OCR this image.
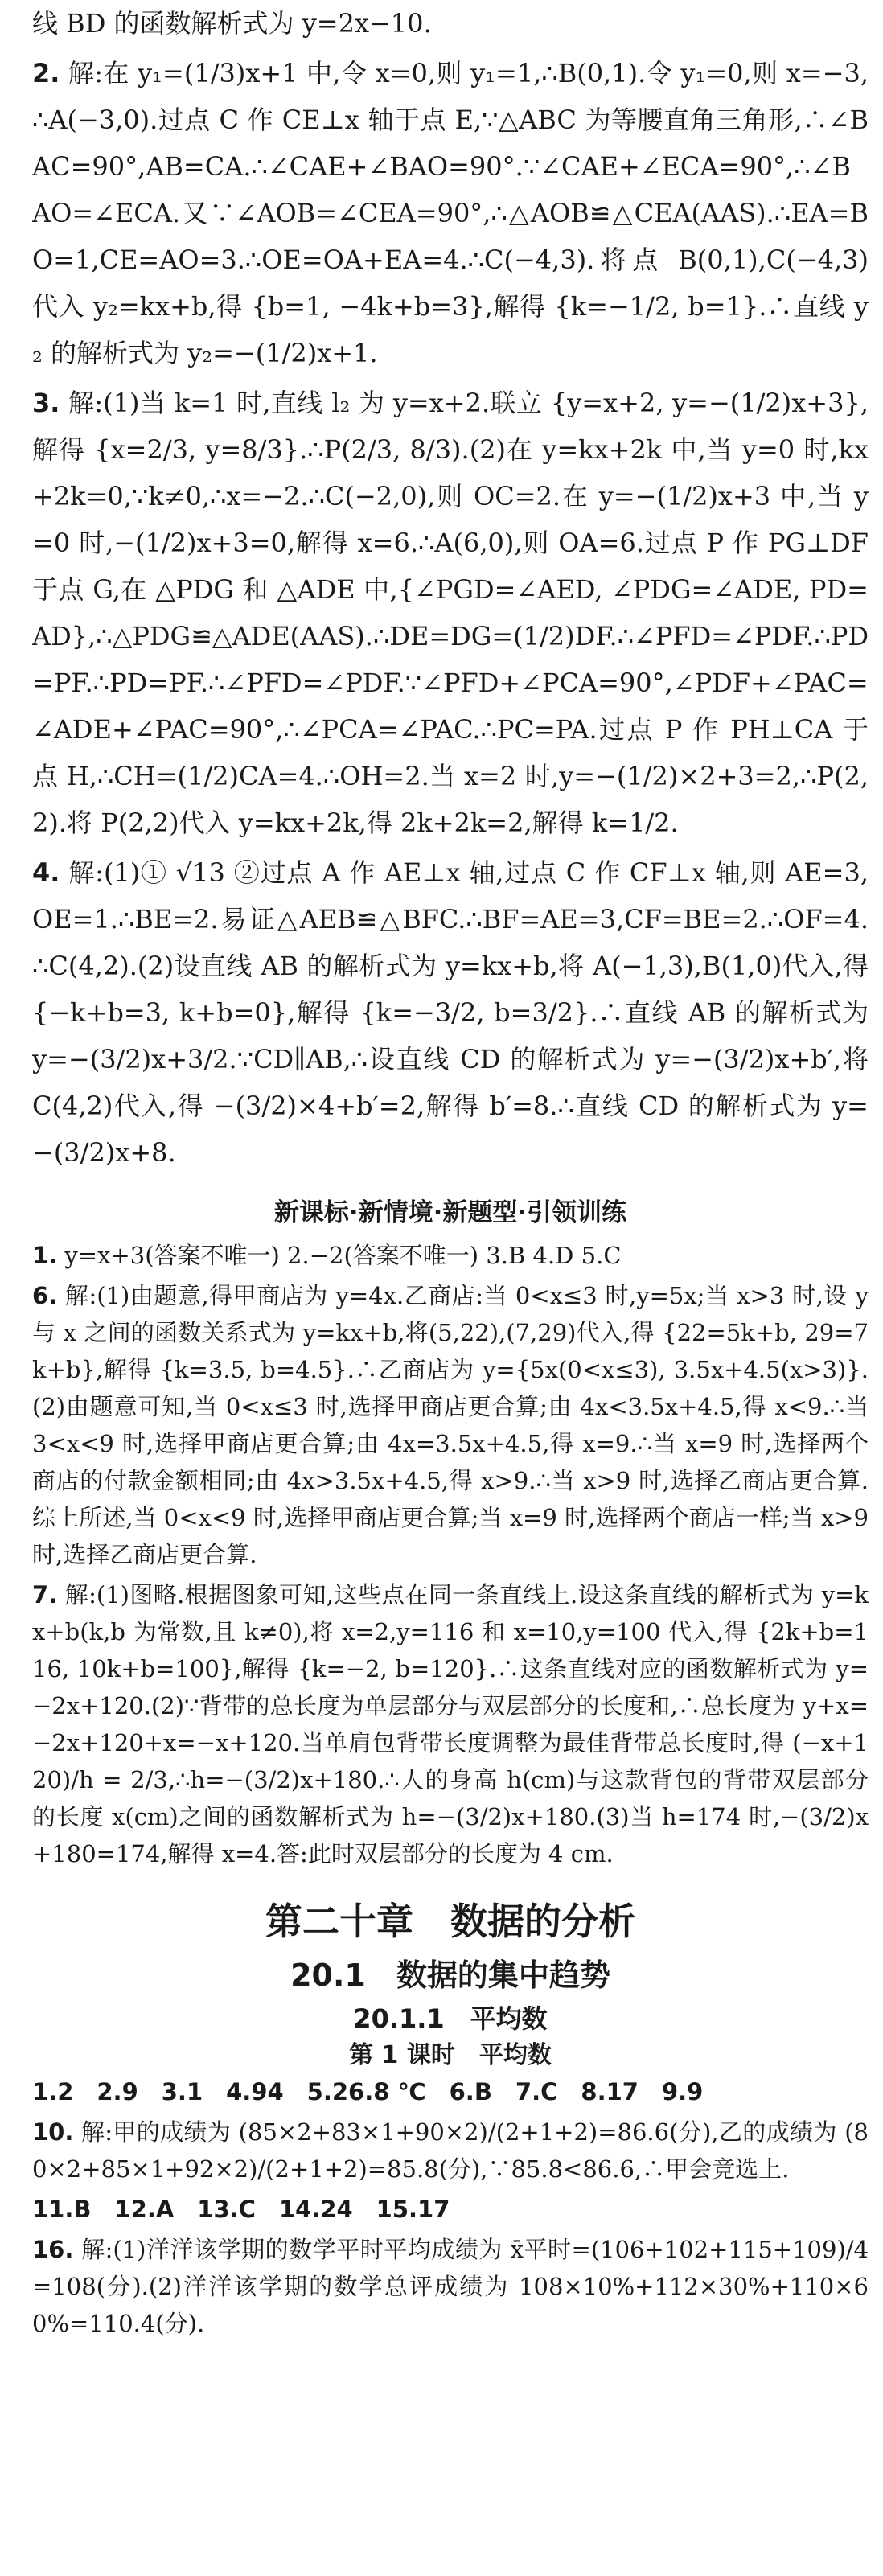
线 BD 的函数解析式为 y=2x−10.

2. 解:在 y₁=(1/3)x+1 中,令 x=0,则 y₁=1,∴B(0,1).令 y₁=0,则 x=−3,∴A(−3,0).过点 C 作 CE⊥x 轴于点 E,∵△ABC 为等腰直角三角形,∴∠BAC=90°,AB=CA.∴∠CAE+∠BAO=90°.∵∠CAE+∠ECA=90°,∴∠BAO=∠ECA.又∵∠AOB=∠CEA=90°,∴△AOB≌△CEA(AAS).∴EA=BO=1,CE=AO=3.∴OE=OA+EA=4.∴C(−4,3).将点 B(0,1),C(−4,3)代入 y₂=kx+b,得 {b=1, −4k+b=3},解得 {k=−1/2, b=1}.∴直线 y₂ 的解析式为 y₂=−(1/2)x+1.

3. 解:(1)当 k=1 时,直线 l₂ 为 y=x+2.联立 {y=x+2, y=−(1/2)x+3},解得 {x=2/3, y=8/3}.∴P(2/3, 8/3).(2)在 y=kx+2k 中,当 y=0 时,kx+2k=0,∵k≠0,∴x=−2.∴C(−2,0),则 OC=2.在 y=−(1/2)x+3 中,当 y=0 时,−(1/2)x+3=0,解得 x=6.∴A(6,0),则 OA=6.过点 P 作 PG⊥DF 于点 G,在 △PDG 和 △ADE 中,{∠PGD=∠AED, ∠PDG=∠ADE, PD=AD},∴△PDG≌△ADE(AAS).∴DE=DG=(1/2)DF.∴∠PFD=∠PDF.∴PD=PF.∴PD=PF.∴∠PFD=∠PDF.∵∠PFD+∠PCA=90°,∠PDF+∠PAC=∠ADE+∠PAC=90°,∴∠PCA=∠PAC.∴PC=PA.过点 P 作 PH⊥CA 于点 H,∴CH=(1/2)CA=4.∴OH=2.当 x=2 时,y=−(1/2)×2+3=2,∴P(2,2).将 P(2,2)代入 y=kx+2k,得 2k+2k=2,解得 k=1/2.

4. 解:(1)① √13 ②过点 A 作 AE⊥x 轴,过点 C 作 CF⊥x 轴,则 AE=3,OE=1.∴BE=2.易证△AEB≌△BFC.∴BF=AE=3,CF=BE=2.∴OF=4.∴C(4,2).(2)设直线 AB 的解析式为 y=kx+b,将 A(−1,3),B(1,0)代入,得 {−k+b=3, k+b=0},解得 {k=−3/2, b=3/2}.∴直线 AB 的解析式为 y=−(3/2)x+3/2.∵CD∥AB,∴设直线 CD 的解析式为 y=−(3/2)x+b′,将 C(4,2)代入,得 −(3/2)×4+b′=2,解得 b′=8.∴直线 CD 的解析式为 y=−(3/2)x+8.

新课标·新情境·新题型·引领训练

1. y=x+3(答案不唯一) 2.−2(答案不唯一) 3.B 4.D 5.C

6. 解:(1)由题意,得甲商店为 y=4x.乙商店:当 0<x≤3 时,y=5x;当 x>3 时,设 y 与 x 之间的函数关系式为 y=kx+b,将(5,22),(7,29)代入,得 {22=5k+b, 29=7k+b},解得 {k=3.5, b=4.5}.∴乙商店为 y={5x(0<x≤3), 3.5x+4.5(x>3)}.(2)由题意可知,当 0<x≤3 时,选择甲商店更合算;由 4x<3.5x+4.5,得 x<9.∴当 3<x<9 时,选择甲商店更合算;由 4x=3.5x+4.5,得 x=9.∴当 x=9 时,选择两个商店的付款金额相同;由 4x>3.5x+4.5,得 x>9.∴当 x>9 时,选择乙商店更合算.综上所述,当 0<x<9 时,选择甲商店更合算;当 x=9 时,选择两个商店一样;当 x>9 时,选择乙商店更合算.

7. 解:(1)图略.根据图象可知,这些点在同一条直线上.设这条直线的解析式为 y=kx+b(k,b 为常数,且 k≠0),将 x=2,y=116 和 x=10,y=100 代入,得 {2k+b=116, 10k+b=100},解得 {k=−2, b=120}.∴这条直线对应的函数解析式为 y=−2x+120.(2)∵背带的总长度为单层部分与双层部分的长度和,∴总长度为 y+x=−2x+120+x=−x+120.当单肩包背带长度调整为最佳背带总长度时,得 (−x+120)/h = 2/3,∴h=−(3/2)x+180.∴人的身高 h(cm)与这款背包的背带双层部分的长度 x(cm)之间的函数解析式为 h=−(3/2)x+180.(3)当 h=174 时,−(3/2)x+180=174,解得 x=4.答:此时双层部分的长度为 4 cm.

第二十章　数据的分析
20.1　数据的集中趋势
20.1.1　平均数
第 1 课时　平均数

1.2　2.9　3.1　4.94　5.26.8 ℃　6.B　7.C　8.17　9.9

10. 解:甲的成绩为 (85×2+83×1+90×2)/(2+1+2)=86.6(分),乙的成绩为 (80×2+85×1+92×2)/(2+1+2)=85.8(分),∵85.8<86.6,∴甲会竞选上.

11.B　12.A　13.C　14.24　15.17

16. 解:(1)洋洋该学期的数学平时平均成绩为 x̄平时=(106+102+115+109)/4=108(分).(2)洋洋该学期的数学总评成绩为 108×10%+112×30%+110×60%=110.4(分).
